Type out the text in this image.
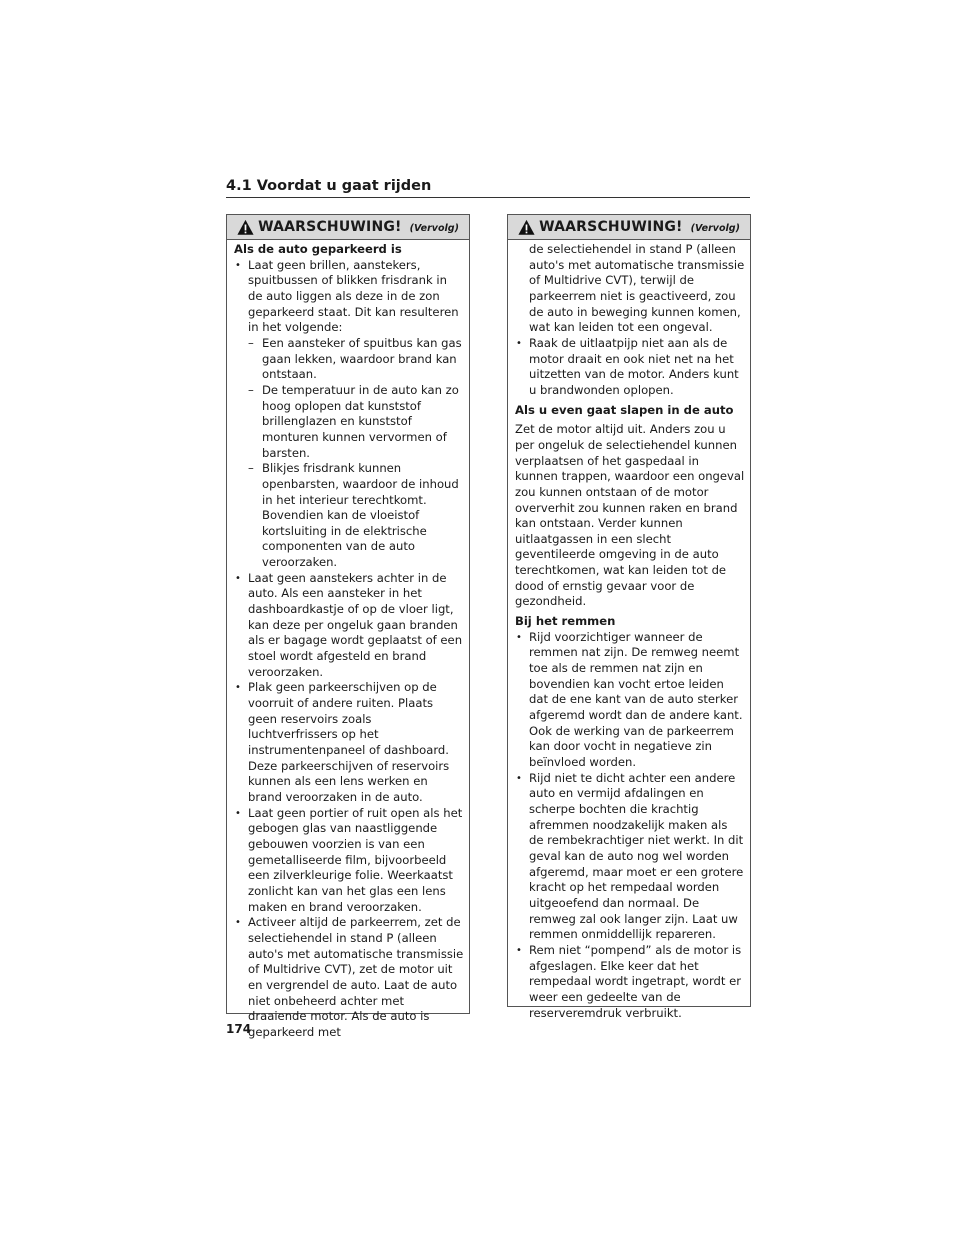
4.1 Voordat u gaat rijden
WAARSCHUWING! (Vervolg)

Als de auto geparkeerd is

• Laat geen brillen, aanstekers, spuitbussen of blikken frisdrank in de auto liggen als deze in de zon geparkeerd staat. Dit kan resulteren in het volgende:
– Een aansteker of spuitbus kan gas gaan lekken, waardoor brand kan ontstaan.
– De temperatuur in de auto kan zo hoog oplopen dat kunststof brillenglazen en kunststof monturen kunnen vervormen of barsten.
– Blikjes frisdrank kunnen openbarsten, waardoor de inhoud in het interieur terechtkomt. Bovendien kan de vloeistof kortsluiting in de elektrische componenten van de auto veroorzaken.
• Laat geen aanstekers achter in de auto. Als een aansteker in het dashboardkastje of op de vloer ligt, kan deze per ongeluk gaan branden als er bagage wordt geplaatst of een stoel wordt afgesteld en brand veroorzaken.
• Plak geen parkeerschijven op de voorruit of andere ruiten. Plaats geen reservoirs zoals luchtverfrissers op het instrumentenpaneel of dashboard. Deze parkeerschijven of reservoirs kunnen als een lens werken en brand veroorzaken in de auto.
• Laat geen portier of ruit open als het gebogen glas van naastliggende gebouwen voorzien is van een gemetalliseerde film, bijvoorbeeld een zilverkleurige folie. Weerkaatst zonlicht kan van het glas een lens maken en brand veroorzaken.
• Activeer altijd de parkeerrem, zet de selectiehendel in stand P (alleen auto's met automatische transmissie of Multidrive CVT), zet de motor uit en vergrendel de auto. Laat de auto niet onbeheerd achter met draaiende motor. Als de auto is geparkeerd met
WAARSCHUWING! (Vervolg)
de selectiehendel in stand P (alleen auto's met automatische transmissie of Multidrive CVT), terwijl de parkeerrem niet is geactiveerd, zou de auto in beweging kunnen komen, wat kan leiden tot een ongeval.
• Raak de uitlaatpijp niet aan als de motor draait en ook niet net na het uitzetten van de motor. Anders kunt u brandwonden oplopen.

Als u even gaat slapen in de auto

Zet de motor altijd uit. Anders zou u per ongeluk de selectiehendel kunnen verplaatsen of het gaspedaal in kunnen trappen, waardoor een ongeval zou kunnen ontstaan of de motor oververhit zou kunnen raken en brand kan ontstaan. Verder kunnen uitlaatgassen in een slecht geventileerde omgeving in de auto terechtkomen, wat kan leiden tot de dood of ernstig gevaar voor de gezondheid.

Bij het remmen

• Rijd voorzichtiger wanneer de remmen nat zijn. De remweg neemt toe als de remmen nat zijn en bovendien kan vocht ertoe leiden dat de ene kant van de auto sterker afgeremd wordt dan de andere kant. Ook de werking van de parkeerrem kan door vocht in negatieve zin beïnvloed worden.
• Rijd niet te dicht achter een andere auto en vermijd afdalingen en scherpe bochten die krachtig afremmen noodzakelijk maken als de rembekrachtiger niet werkt. In dit geval kan de auto nog wel worden afgeremd, maar moet er een grotere kracht op het rempedaal worden uitgeoefend dan normaal. De remweg zal ook langer zijn. Laat uw remmen onmiddellijk repareren.
• Rem niet “pompend” als de motor is afgeslagen. Elke keer dat het rempedaal wordt ingetrapt, wordt er weer een gedeelte van de reserveremdruk verbruikt.
174
